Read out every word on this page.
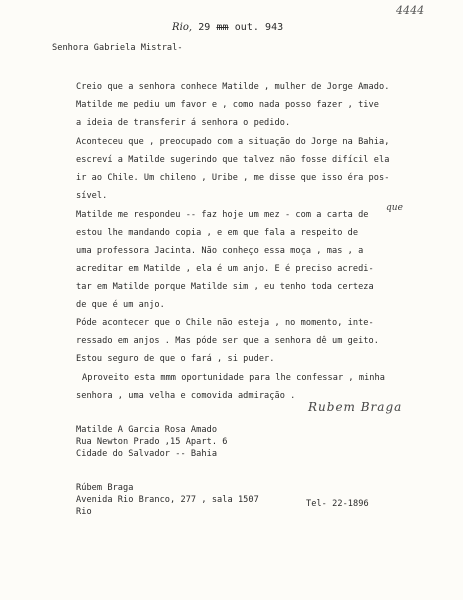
4444
Rio, 29 mm out. 943
Senhora Gabriela Mistral-
Creio que a senhora conhece Matilde , mulher de Jorge Amado.
Matilde me pediu um favor e , como nada posso fazer , tive
a ideia de transferir á senhora o pedido.
Aconteceu que , preocupado com a situação do Jorge na Bahia,
escreví a Matilde sugerindo que talvez não fosse difícil ela
ir ao Chile. Um chileno , Uribe , me disse que isso éra pos-
sível.
Matilde me respondeu -- faz hoje um mez - com a carta de
que
estou lhe mandando copia , e em que fala a respeito de
uma professora Jacinta. Não conheço essa moça , mas , a
acreditar em Matilde , ela é um anjo. E é preciso acredi-
tar em Matilde porque Matilde sim , eu tenho toda certeza
de que é um anjo.
Póde acontecer que o Chile não esteja , no momento, inte-
ressado em anjos . Mas póde ser que a senhora dê um geito.
Estou seguro de que o fará , si puder.
Aproveito esta mmm oportunidade para lhe confessar , minha
senhora , uma velha e comovida admiração .
Rubem Braga
Matilde A Garcia Rosa Amado
Rua Newton Prado ,15 Apart. 6
Cidade do Salvador -- Bahia
Rúbem Braga
Avenida Rio Branco, 277 , sala 1507
Rio
Tel- 22-1896
